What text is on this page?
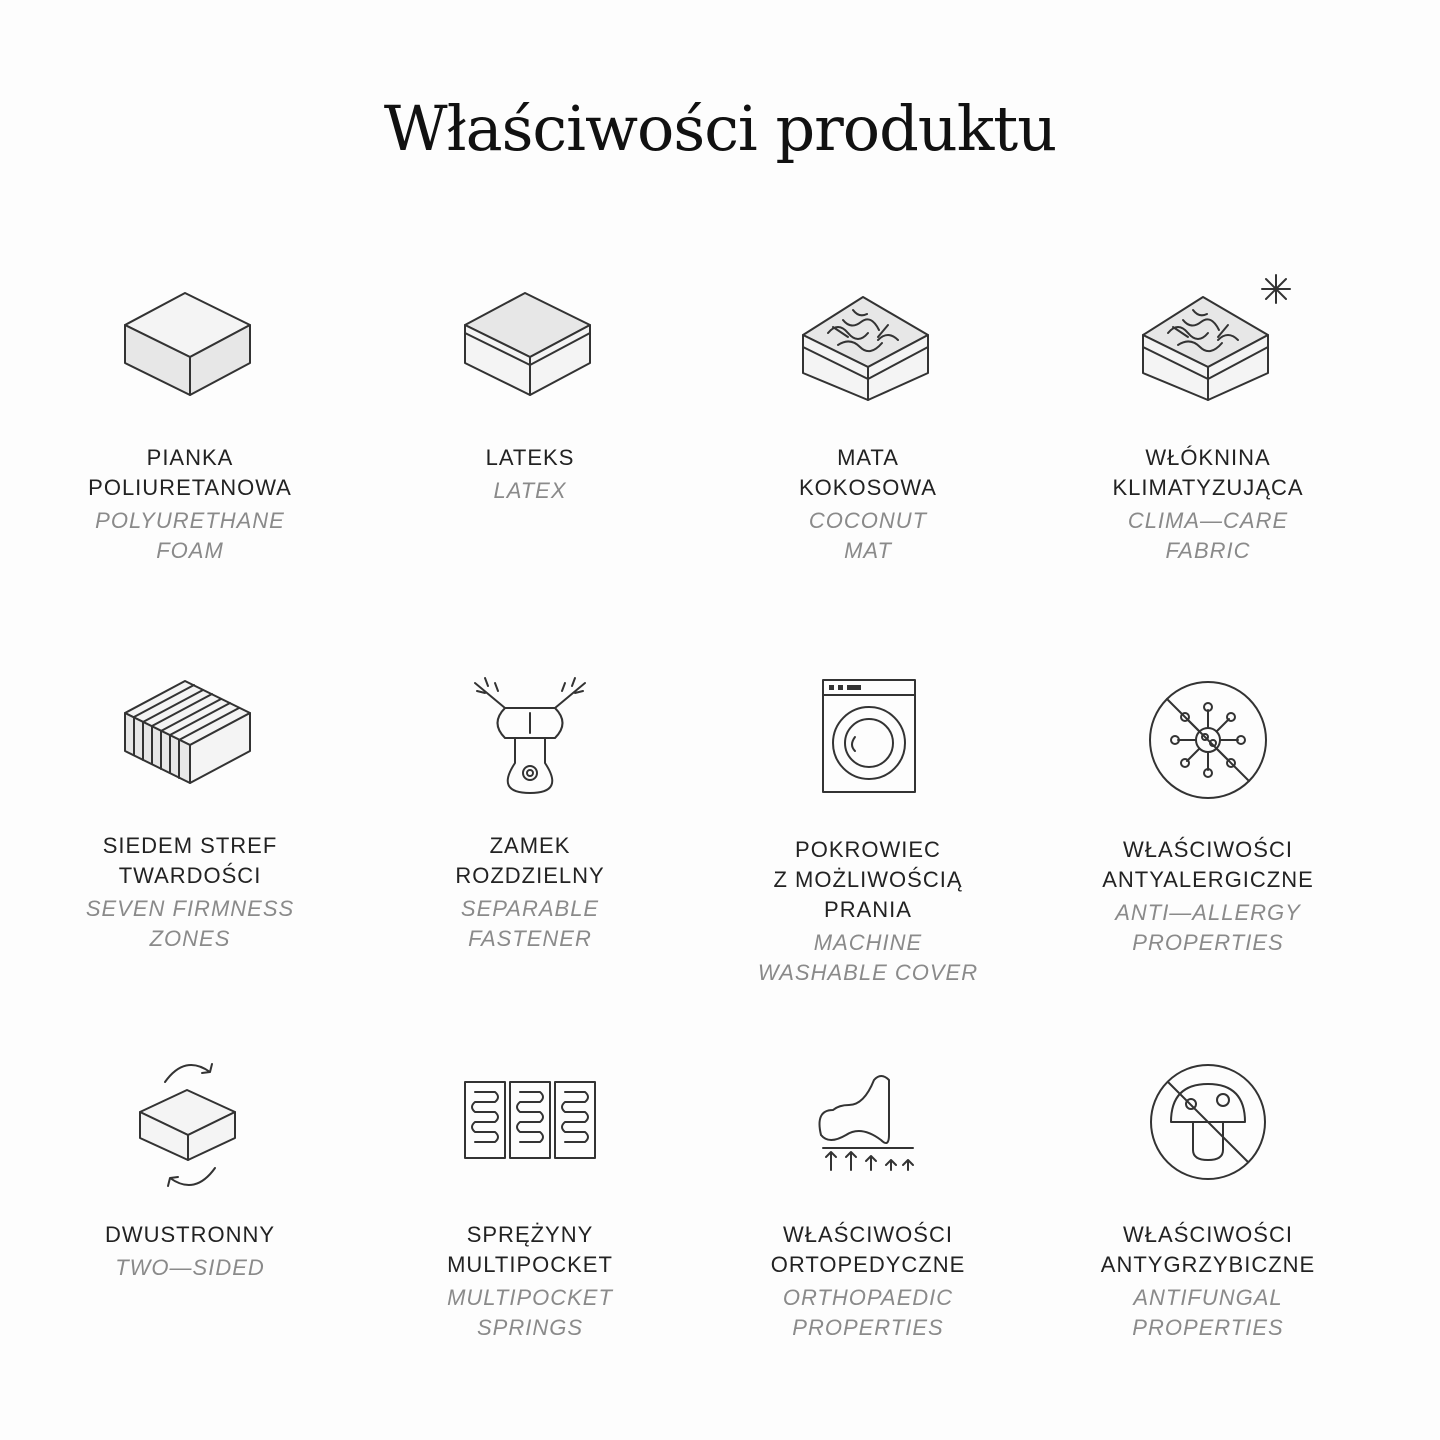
Właściwości produktu
PIANKA
POLIURETANOWA
POLYURETHANE
FOAM
LATEKS
LATEX
MATA
KOKOSOWA
COCONUT
MAT
WŁÓKNINA
KLIMATYZUJĄCA
CLIMA—CARE
FABRIC
SIEDEM STREF
TWARDOŚCI
SEVEN FIRMNESS
ZONES
ZAMEK
ROZDZIELNY
SEPARABLE
FASTENER
POKROWIEC
Z MOŻLIWOŚCIĄ
PRANIA
MACHINE
WASHABLE COVER
WŁAŚCIWOŚCI
ANTYALERGICZNE
ANTI—ALLERGY
PROPERTIES
DWUSTRONNY
TWO—SIDED
SPRĘŻYNY
MULTIPOCKET
MULTIPOCKET
SPRINGS
WŁAŚCIWOŚCI
ORTOPEDYCZNE
ORTHOPAEDIC
PROPERTIES
WŁAŚCIWOŚCI
ANTYGRZYBICZNE
ANTIFUNGAL
PROPERTIES
